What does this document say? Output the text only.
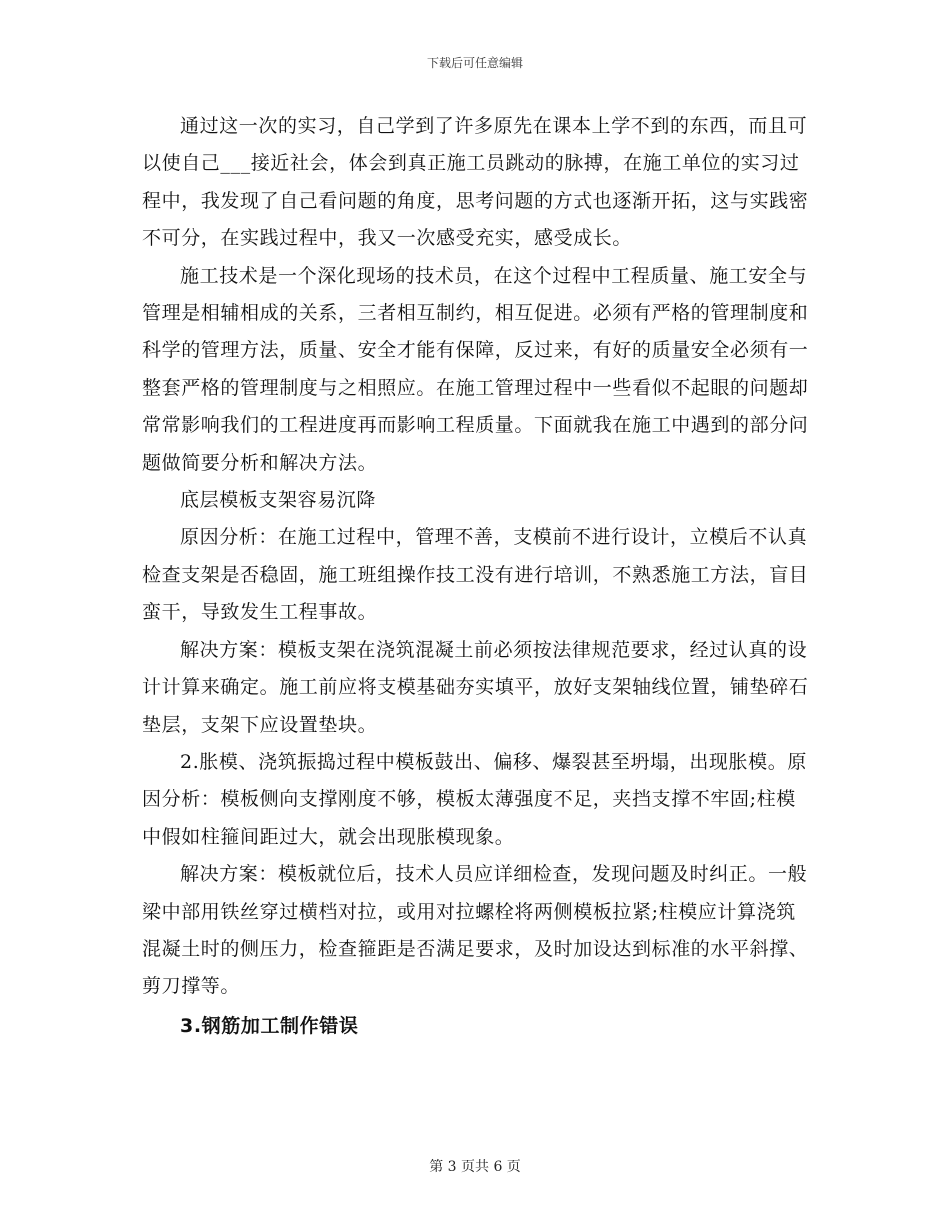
下载后可任意编辑

通过这一次的实习，自己学到了许多原先在课本上学不到的东西，而且可以使自己___接近社会，体会到真正施工员跳动的脉搏，在施工单位的实习过程中，我发现了自己看问题的角度，思考问题的方式也逐渐开拓，这与实践密不可分，在实践过程中，我又一次感受充实，感受成长。

施工技术是一个深化现场的技术员，在这个过程中工程质量、施工安全与管理是相辅相成的关系，三者相互制约，相互促进。必须有严格的管理制度和科学的管理方法，质量、安全才能有保障，反过来，有好的质量安全必须有一整套严格的管理制度与之相照应。在施工管理过程中一些看似不起眼的问题却常常影响我们的工程进度再而影响工程质量。下面就我在施工中遇到的部分问题做简要分析和解决方法。

底层模板支架容易沉降

原因分析：在施工过程中，管理不善，支模前不进行设计，立模后不认真检查支架是否稳固，施工班组操作技工没有进行培训，不熟悉施工方法，盲目蛮干，导致发生工程事故。

解决方案：模板支架在浇筑混凝土前必须按法律规范要求，经过认真的设计计算来确定。施工前应将支模基础夯实填平，放好支架轴线位置，铺垫碎石垫层，支架下应设置垫块。

2.胀模、浇筑振捣过程中模板鼓出、偏移、爆裂甚至坍塌，出现胀模。原因分析：模板侧向支撑刚度不够，模板太薄强度不足，夹挡支撑不牢固;柱模中假如柱箍间距过大，就会出现胀模现象。

解决方案：模板就位后，技术人员应详细检查，发现问题及时纠正。一般梁中部用铁丝穿过横档对拉，或用对拉螺栓将两侧模板拉紧;柱模应计算浇筑混凝土时的侧压力，检查箍距是否满足要求，及时加设达到标准的水平斜撑、剪刀撑等。

3.钢筋加工制作错误

第 3 页共 6 页
